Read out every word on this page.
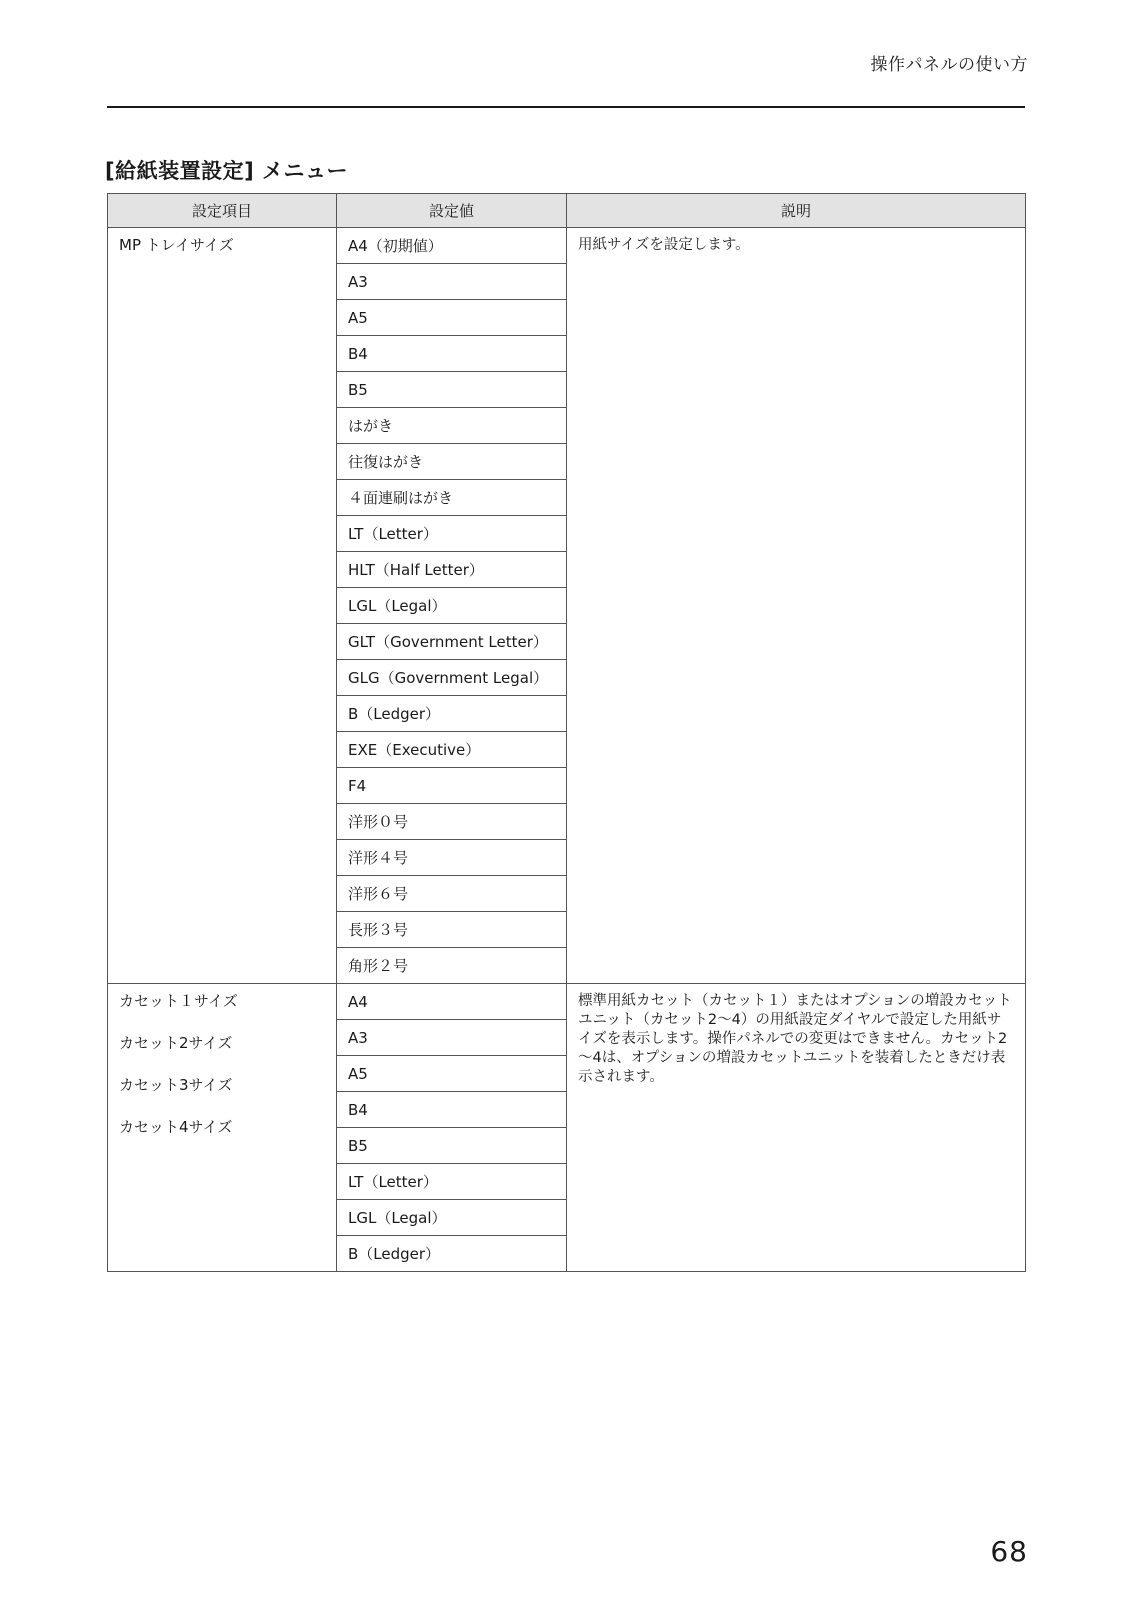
操作パネルの使い方
[給紙装置設定] メニュー
設定項目	設定値	説明

MP トレイサイズ	A4（初期値）	用紙サイズを設定します。

	A3	
	A5	
	B4	
	B5	
	はがき	
	往復はがき	
	４面連刷はがき	
	LT（Letter）	
	HLT（Half Letter）	
	LGL（Legal）	
	GLT（Government Letter）	
	GLG（Government Legal）	
	B（Ledger）	
	EXE（Executive）	
	F4	
	洋形０号	
	洋形４号	
	洋形６号	
	長形３号	
	角形２号	

カセット１サイズ
カセット2サイズ
カセット3サイズ
カセット4サイズ	A4	標準用紙カセット（カセット１）またはオプションの増設カセットユニット（カセット2～4）の用紙設定ダイヤルで設定した用紙サイズを表示します。操作パネルでの変更はできません。カセット2～4は、オプションの増設カセットユニットを装着したときだけ表示されます。

	A3	
	A5	
	B4	
	B5	
	LT（Letter）	
	LGL（Legal）	
	B（Ledger）	
68
